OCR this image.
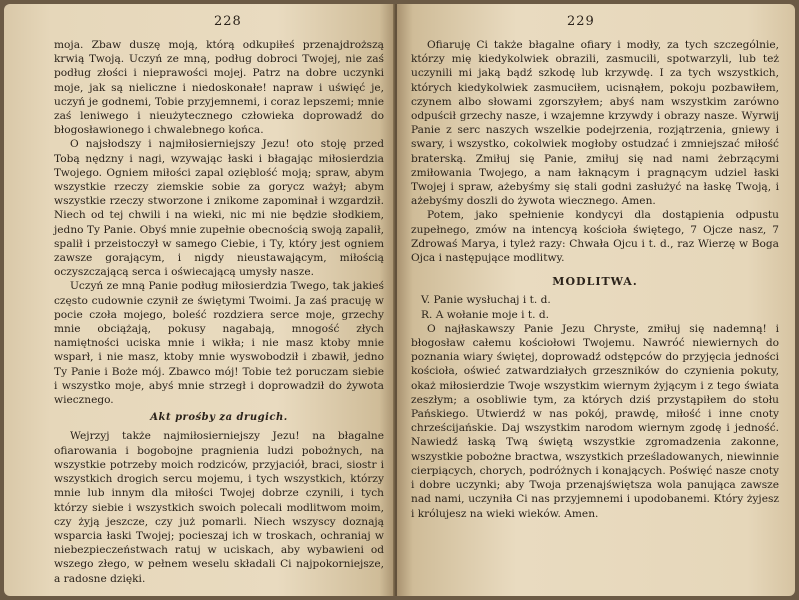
228

moja. Zbaw duszę moją, którą odkupiłeś przenajdroższą krwią Twoją. Uczyń ze mną, podług dobroci Twojej, nie zaś podług złości i nieprawości mojej. Patrz na dobre uczynki moje, jak są nieliczne i niedoskonałe! napraw i uświęć je, uczyń je godnemi, Tobie przyjemnemi, i coraz lepszemi; mnie zaś leniwego i nieużytecznego człowieka doprowadź do błogosławionego i chwalebnego końca.

O najsłodszy i najmiłosierniejszy Jezu! oto stoję przed Tobą nędzny i nagi, wzywając łaski i błagając miłosierdzia Twojego. Ogniem miłości zapal ozięblość moją; spraw, abym wszystkie rzeczy ziemskie sobie za gorycz ważył; abym wszystkie rzeczy stworzone i znikome zapominał i wzgardził. Niech od tej chwili i na wieki, nic mi nie będzie słodkiem, jedno Ty Panie. Obyś mnie zupełnie obecnością swoją zapalił, spalił i przeistoczył w samego Ciebie, i Ty, który jest ogniem zawsze gorającym, i nigdy nieustawającym, miłością oczyszczającą serca i oświecającą umysły nasze.

Uczyń ze mną Panie podług miłosierdzia Twego, tak jakieś często cudownie czynił ze świętymi Twoimi. Ja zaś pracuję w pocie czoła mojego, boleść rozdziera serce moje, grzechy mnie obciążają, pokusy nagabają, mnogość złych namiętności uciska mnie i wikła; i nie masz ktoby mnie wsparł, i nie masz, ktoby mnie wyswobodził i zbawił, jedno Ty Panie i Boże mój. Zbawco mój! Tobie też poruczam siebie i wszystko moje, abyś mnie strzegł i doprowadził do żywota wiecznego.

Akt prośby za drugich.

Wejrzyj także najmiłosierniejszy Jezu! na błagalne ofiarowania i bogobojne pragnienia ludzi pobożnych, na wszystkie potrzeby moich rodziców, przyjaciół, braci, siostr i wszystkich drogich sercu mojemu, i tych wszystkich, którzy mnie lub innym dla miłości Twojej dobrze czynili, i tych którzy siebie i wszystkich swoich polecali modlitwom moim, czy żyją jeszcze, czy już pomarli. Niech wszyscy doznają wsparcia łaski Twojej; pocieszaj ich w troskach, ochraniaj w niebezpieczeństwach ratuj w uciskach, aby wybawieni od wszego złego, w pełnem weselu składali Ci najpokorniejsze, a radosne dzięki.

229

Ofiaruję Ci także błagalne ofiary i modły, za tych szczególnie, którzy mię kiedykolwiek obrazili, zasmucili, spotwarzyli, lub też uczynili mi jaką bądź szkodę lub krzywdę. I za tych wszystkich, których kiedykolwiek zasmuciłem, ucisnąłem, pokoju pozbawiłem, czynem albo słowami zgorszyłem; abyś nam wszystkim zarówno odpuścił grzechy nasze, i wzajemne krzywdy i obrazy nasze. Wyrwij Panie z serc naszych wszelkie podejrzenia, rozjątrzenia, gniewy i swary, i wszystko, cokolwiek mogłoby ostudzać i zmniejszać miłość braterską. Zmiłuj się Panie, zmiłuj się nad nami żebrzącymi zmiłowania Twojego, a nam łaknącym i pragnącym udziel łaski Twojej i spraw, ażebyśmy się stali godni zasłużyć na łaskę Twoją, i ażebyśmy doszli do żywota wiecznego. Amen.

Potem, jako spełnienie kondycyi dla dostąpienia odpustu zupełnego, zmów na intencyą kościoła świętego, 7 Ojcze nasz, 7 Zdrowaś Marya, i tyleż razy: Chwała Ojcu i t. d., raz Wierzę w Boga Ojca i następujące modlitwy.

MODLITWA.

V. Panie wysłuchaj i t. d.

R. A wołanie moje i t. d.

O najłaskawszy Panie Jezu Chryste, zmiłuj się nademną! i błogosław całemu kościołowi Twojemu. Nawróć niewiernych do poznania wiary świętej, doprowadź odstępców do przyjęcia jedności kościoła, oświeć zatwardziałych grzeszników do czynienia pokuty, okaż miłosierdzie Twoje wszystkim wiernym żyjącym i z tego świata zeszłym; a osobliwie tym, za których dziś przystąpiłem do stołu Pańskiego. Utwierdź w nas pokój, prawdę, miłość i inne cnoty chrześcijańskie. Daj wszystkim narodom wiernym zgodę i jedność. Nawiedź łaską Twą świętą wszystkie zgromadzenia zakonne, wszystkie pobożne bractwa, wszystkich prześladowanych, niewinnie cierpiących, chorych, podróżnych i konających. Poświęć nasze cnoty i dobre uczynki; aby Twoja przenajświętsza wola panująca zawsze nad nami, uczyniła Ci nas przyjemnemi i upodobanemi. Który żyjesz i królujesz na wieki wieków. Amen.
